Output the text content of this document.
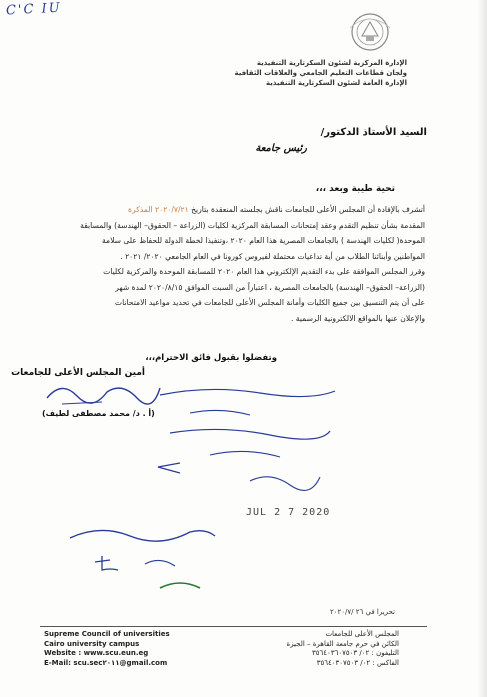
C'C IU
الإدارة المركزية لشئون السكرتارية التنفيذية
ولجان قطاعات التعليم الجامعي والعلاقات الثقافية
الإدارة العامة لشئون السكرتارية التنفيذية
السيد الأستاذ الدكتور/
رئيس جامعة
تحية طيبة وبعد ،،،

أتشرف بالإفادة أن المجلس الأعلى للجامعات ناقش بجلسته المنعقدة بتاريخ ٢٠٢٠/٧/٢١ المذكرة

المقدمة بشأن تنظيم التقدم وعقد إمتحانات المسابقة المركزية لكليات (الزراعة – الحقوق– الهندسة) والمسابقة

الموحدة( لكليات الهندسة ) بالجامعات المصرية هذا العام ٢٠٢٠ ،وتنفيذا لخطة الدولة للحفاظ على سلامة

المواطنين وأبنائنا الطلاب من أية تداعيات محتملة لفيروس كورونا في العام الجامعي ٢٠٢٠/ ٢٠٢١ .

وقرر المجلس الموافقة على بدء التقديم الإلكتروني هذا العام ٢٠٢٠ للمسابقة الموحدة والمركزية لكليات

(الزراعة– الحقوق– الهندسة) بالجامعات المصرية ، اعتباراً من السبت الموافق ٢٠٢٠/٨/١٥ لمدة شهر

على أن يتم التنسيق بين جميع الكليات وأمانة المجلس الأعلى للجامعات في تحديد مواعيد الامتحانات

والإعلان عنها بالمواقع الالكترونية الرسمية .

وتفضلوا بقبول فائق الاحترام،،،
أمين المجلس الأعلى للجامعات
(أ . د/ محمد مصطفى لطيف)
JUL 2 7 2020
تحريرا في ٢٦ /٢٠٢٠/٧
Supreme Council of universities
Cairo university campus
Website : www.scu.eun.eg
E-Mail: scu.sec٢٠١١@gmail.com
المجلس الأعلى للجامعات
الكائن في حرم جامعة القاهرة – الجيزة
التليفون : ٠٢/ ٣٥٦٤٠٣٦٠٧٥٠٣
الفاكس : ٠٢/ ٣٥٦٤٠٣٠٧٥٠٣
